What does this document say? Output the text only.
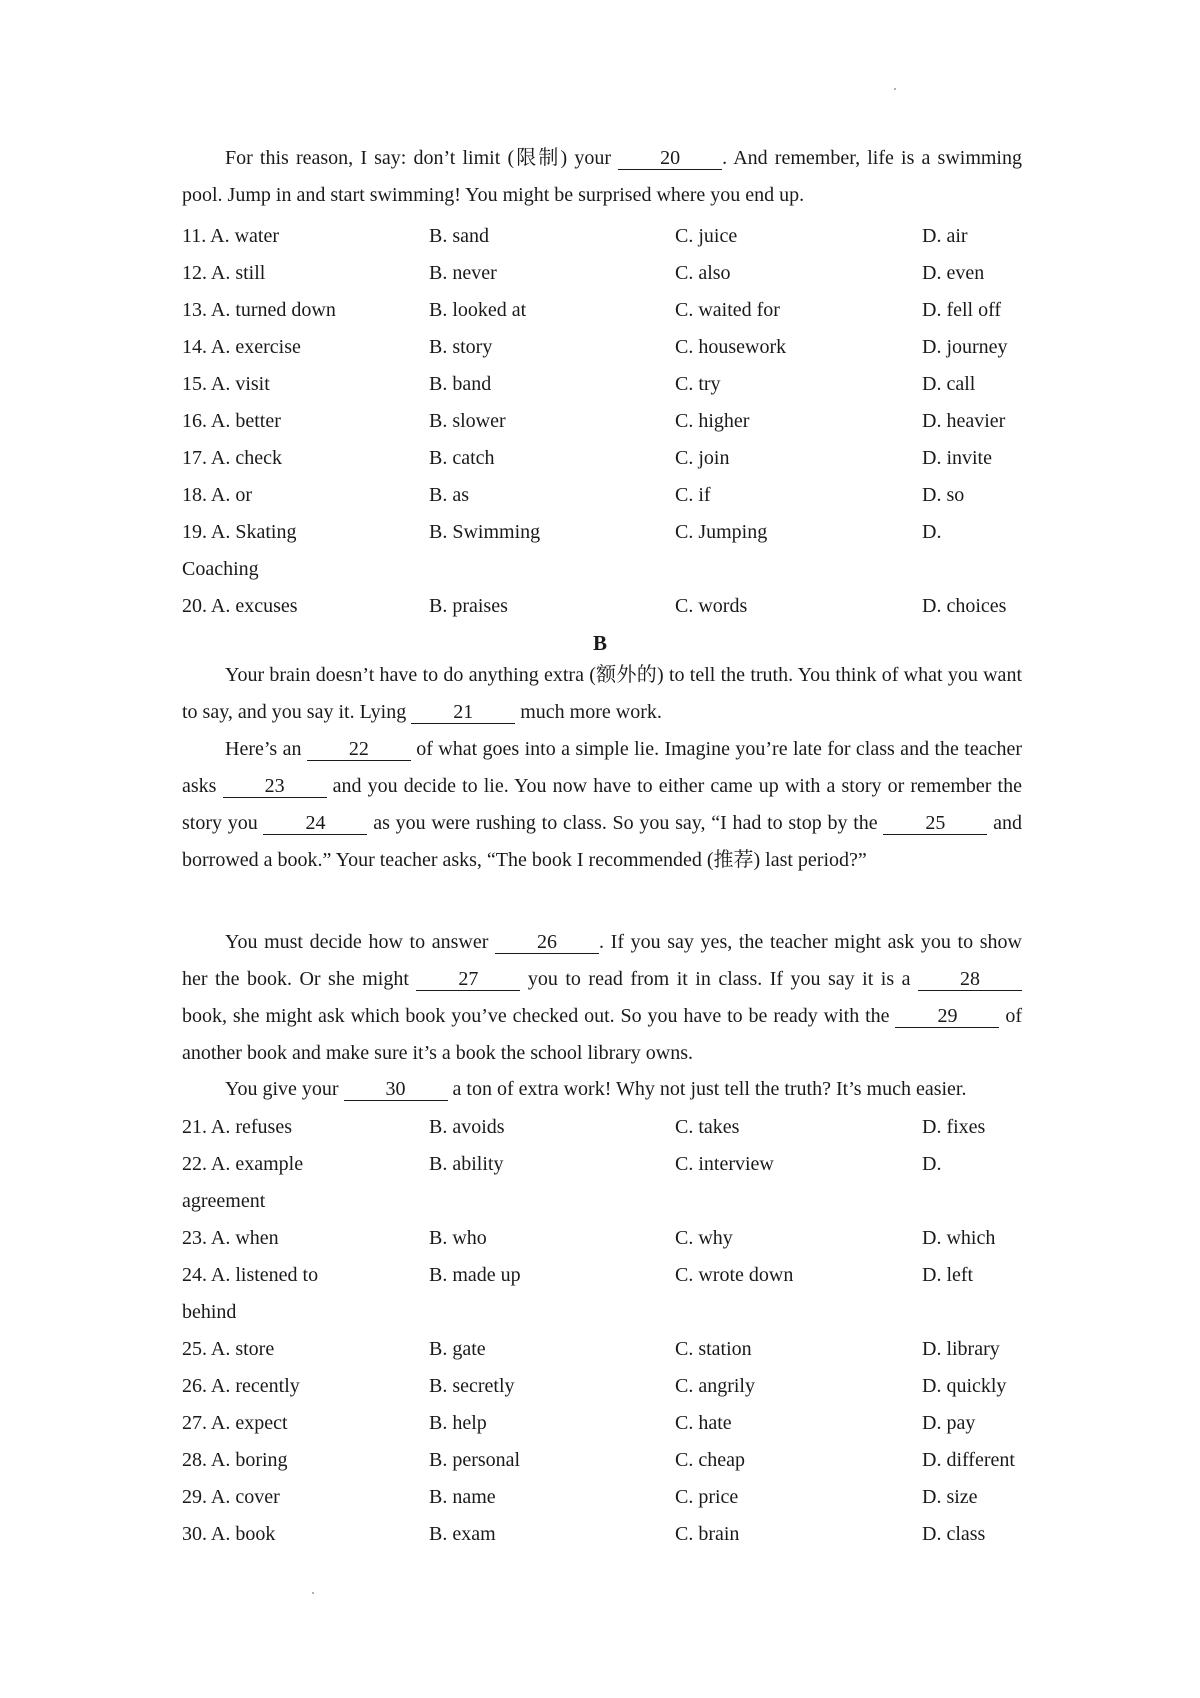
For this reason, I say: don’t limit (限制) your 20 . And remember, life is a swimming pool. Jump in and start swimming! You might be surprised where you end up.

11. A. water	B. sand	C. juice	D. air
12. A. still	B. never	C. also	D. even
13. A. turned down	B. looked at	C. waited for	D. fell off
14. A. exercise	B. story	C. housework	D. journey
15. A. visit	B. band	C. try	D. call
16. A. better	B. slower	C. higher	D. heavier
17. A. check	B. catch	C. join	D. invite
18. A. or	B. as	C. if	D. so
19. A. Skating	B. Swimming	C. Jumping	D.
Coaching
20. A. excuses	B. praises	C. words	D. choices
B

Your brain doesn’t have to do anything extra (额外的) to tell the truth. You think of what you want to say, and you say it. Lying 21 much more work.

Here’s an 22 of what goes into a simple lie. Imagine you’re late for class and the teacher asks 23 and you decide to lie. You now have to either came up with a story or remember the story you 24 as you were rushing to class. So you say, “I had to stop by the 25 and borrowed a book.” Your teacher asks, “The book I recommended (推荐) last period?”

You must decide how to answer 26 . If you say yes, the teacher might ask you to show her the book. Or she might 27 you to read from it in class. If you say it is a 28 book, she might ask which book you’ve checked out. So you have to be ready with the 29 of another book and make sure it’s a book the school library owns.

You give your 30 a ton of extra work! Why not just tell the truth? It’s much easier.

21. A. refuses	B. avoids	C. takes	D. fixes
22. A. example	B. ability	C. interview	D.
agreement
23. A. when	B. who	C. why	D. which
24. A. listened to	B. made up	C. wrote down	D. left
behind
25. A. store	B. gate	C. station	D. library
26. A. recently	B. secretly	C. angrily	D. quickly
27. A. expect	B. help	C. hate	D. pay
28. A. boring	B. personal	C. cheap	D. different
29. A. cover	B. name	C. price	D. size
30. A. book	B. exam	C. brain	D. class
